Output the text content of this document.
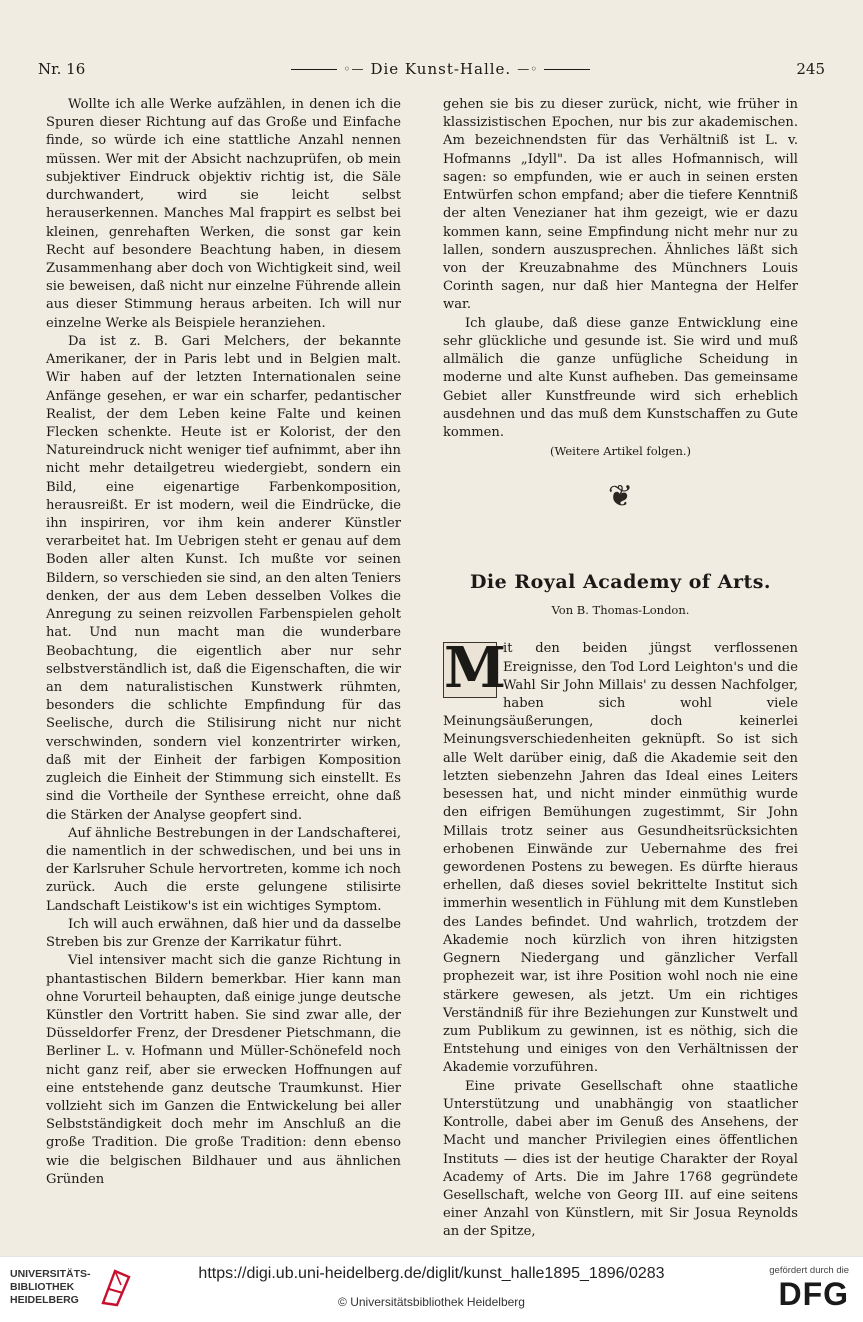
Nr. 16	◦— Die Kunst-Halle. —◦	245

Wollte ich alle Werke aufzählen, in denen ich die Spuren dieser Richtung auf das Große und Einfache finde, so würde ich eine stattliche Anzahl nennen müssen. Wer mit der Absicht nachzuprüfen, ob mein subjektiver Eindruck objektiv richtig ist, die Säle durchwandert, wird sie leicht selbst herauserkennen. Manches Mal frappirt es selbst bei kleinen, genrehaften Werken, die sonst gar kein Recht auf besondere Beachtung haben, in diesem Zusammenhang aber doch von Wichtigkeit sind, weil sie beweisen, daß nicht nur einzelne Führende allein aus dieser Stimmung heraus arbeiten. Ich will nur einzelne Werke als Beispiele heranziehen.

Da ist z. B. Gari Melchers, der bekannte Amerikaner, der in Paris lebt und in Belgien malt. Wir haben auf der letzten Internationalen seine Anfänge gesehen, er war ein scharfer, pedantischer Realist, der dem Leben keine Falte und keinen Flecken schenkte. Heute ist er Kolorist, der den Natureindruck nicht weniger tief aufnimmt, aber ihn nicht mehr detailgetreu wiedergiebt, sondern ein Bild, eine eigenartige Farbenkomposition, herausreißt. Er ist modern, weil die Eindrücke, die ihn inspiriren, vor ihm kein anderer Künstler verarbeitet hat. Im Uebrigen steht er genau auf dem Boden aller alten Kunst. Ich mußte vor seinen Bildern, so verschieden sie sind, an den alten Teniers denken, der aus dem Leben desselben Volkes die Anregung zu seinen reizvollen Farbenspielen geholt hat. Und nun macht man die wunderbare Beobachtung, die eigentlich aber nur sehr selbstverständlich ist, daß die Eigenschaften, die wir an dem naturalistischen Kunstwerk rühmten, besonders die schlichte Empfindung für das Seelische, durch die Stilisirung nicht nur nicht verschwinden, sondern viel konzentrirter wirken, daß mit der Einheit der farbigen Komposition zugleich die Einheit der Stimmung sich einstellt. Es sind die Vortheile der Synthese erreicht, ohne daß die Stärken der Analyse geopfert sind.

Auf ähnliche Bestrebungen in der Landschafterei, die namentlich in der schwedischen, und bei uns in der Karlsruher Schule hervortreten, komme ich noch zurück. Auch die erste gelungene stilisirte Landschaft Leistikow's ist ein wichtiges Symptom.

Ich will auch erwähnen, daß hier und da dasselbe Streben bis zur Grenze der Karrikatur führt.

Viel intensiver macht sich die ganze Richtung in phantastischen Bildern bemerkbar. Hier kann man ohne Vorurteil behaupten, daß einige junge deutsche Künstler den Vortritt haben. Sie sind zwar alle, der Düsseldorfer Frenz, der Dresdener Pietschmann, die Berliner L. v. Hofmann und Müller-Schönefeld noch nicht ganz reif, aber sie erwecken Hoffnungen auf eine entstehende ganz deutsche Traumkunst. Hier vollzieht sich im Ganzen die Entwickelung bei aller Selbstständigkeit doch mehr im Anschluß an die große Tradition. Die große Tradition: denn ebenso wie die belgischen Bildhauer und aus ähnlichen Gründen

gehen sie bis zu dieser zurück, nicht, wie früher in klassizistischen Epochen, nur bis zur akademischen. Am bezeichnendsten für das Verhältniß ist L. v. Hofmanns „Idyll". Da ist alles Hofmannisch, will sagen: so empfunden, wie er auch in seinen ersten Entwürfen schon empfand; aber die tiefere Kenntniß der alten Venezianer hat ihm gezeigt, wie er dazu kommen kann, seine Empfindung nicht mehr nur zu lallen, sondern auszusprechen. Ähnliches läßt sich von der Kreuzabnahme des Münchners Louis Corinth sagen, nur daß hier Mantegna der Helfer war.

Ich glaube, daß diese ganze Entwicklung eine sehr glückliche und gesunde ist. Sie wird und muß allmälich die ganze unfügliche Scheidung in moderne und alte Kunst aufheben. Das gemeinsame Gebiet aller Kunstfreunde wird sich erheblich ausdehnen und das muß dem Kunstschaffen zu Gute kommen.

(Weitere Artikel folgen.)

❦
Die Royal Academy of Arts.
Von B. Thomas-London.
M

it den beiden jüngst verflossenen Ereignisse, den Tod Lord Leighton's und die Wahl Sir John Millais' zu dessen Nachfolger, haben sich wohl viele Meinungsäußerungen, doch keinerlei Meinungsverschiedenheiten geknüpft. So ist sich alle Welt darüber einig, daß die Akademie seit den letzten siebenzehn Jahren das Ideal eines Leiters besessen hat, und nicht minder einmüthig wurde den eifrigen Bemühungen zugestimmt, Sir John Millais trotz seiner aus Gesundheitsrücksichten erhobenen Einwände zur Uebernahme des frei gewordenen Postens zu bewegen. Es dürfte hieraus erhellen, daß dieses soviel bekrittelte Institut sich immerhin wesentlich in Fühlung mit dem Kunstleben des Landes befindet. Und wahrlich, trotzdem der Akademie noch kürzlich von ihren hitzigsten Gegnern Niedergang und gänzlicher Verfall prophezeit war, ist ihre Position wohl noch nie eine stärkere gewesen, als jetzt. Um ein richtiges Verständniß für ihre Beziehungen zur Kunstwelt und zum Publikum zu gewinnen, ist es nöthig, sich die Entstehung und einiges von den Verhältnissen der Akademie vorzuführen.

Eine private Gesellschaft ohne staatliche Unterstützung und unabhängig von staatlicher Kontrolle, dabei aber im Genuß des Ansehens, der Macht und mancher Privilegien eines öffentlichen Instituts — dies ist der heutige Charakter der Royal Academy of Arts. Die im Jahre 1768 gegründete Gesellschaft, welche von Georg III. auf eine seitens einer Anzahl von Künstlern, mit Sir Josua Reynolds an der Spitze,

UNIVERSITÄTS-
BIBLIOTHEK
HEIDELBERG
https://digi.ub.uni-heidelberg.de/diglit/kunst_halle1895_1896/0283
© Universitätsbibliothek Heidelberg
gefördert durch die
DFG
